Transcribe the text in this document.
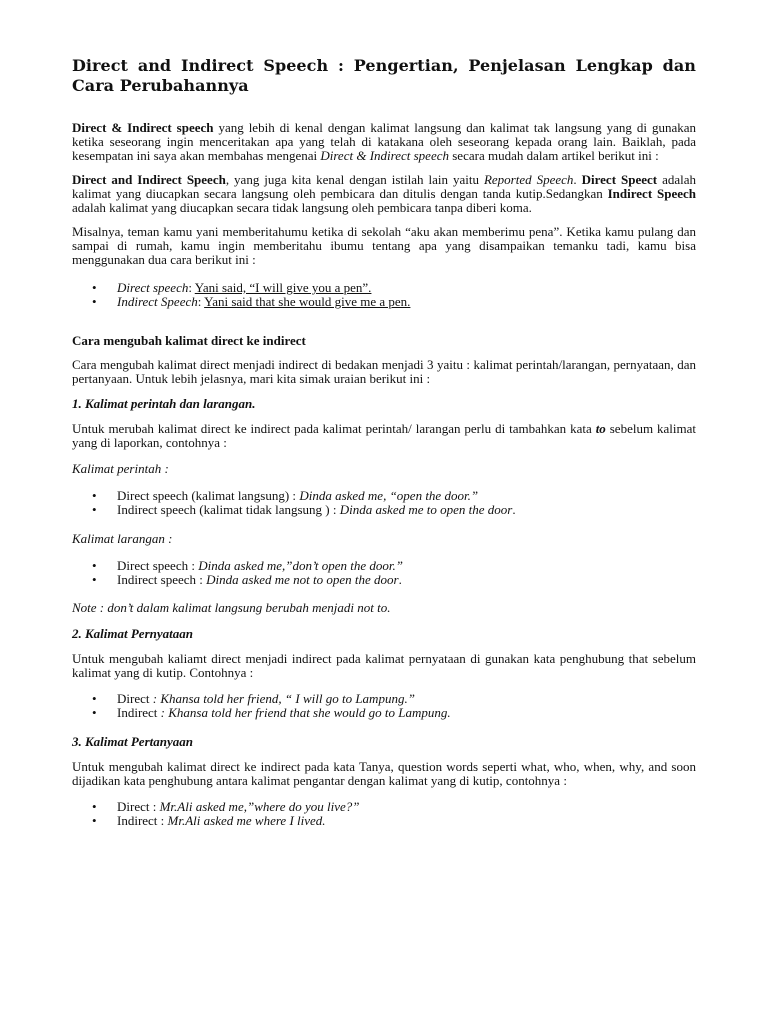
Direct and Indirect Speech : Pengertian, Penjelasan Lengkap dan Cara Perubahannya

Direct & Indirect speech yang lebih di kenal dengan kalimat langsung dan kalimat tak langsung yang di gunakan ketika seseorang ingin menceritakan apa yang telah di katakana oleh seseorang kepada orang lain. Baiklah, pada kesempatan ini saya akan membahas mengenai Direct & Indirect speech secara mudah dalam artikel berikut ini :

Direct and Indirect Speech, yang juga kita kenal dengan istilah lain yaitu Reported Speech. Direct Speect adalah kalimat yang diucapkan secara langsung oleh pembicara dan ditulis dengan tanda kutip.Sedangkan Indirect Speech adalah kalimat yang diucapkan secara tidak langsung oleh pembicara tanpa diberi koma.

Misalnya, teman kamu yani memberitahumu ketika di sekolah “aku akan memberimu pena”. Ketika kamu pulang dan sampai di rumah, kamu ingin memberitahu ibumu tentang apa yang disampaikan temanku tadi, kamu bisa menggunakan dua cara berikut ini :

• Direct speech: Yani said, “I will give you a pen”.
• Indirect Speech: Yani said that she would give me a pen.

Cara mengubah kalimat direct ke indirect

Cara mengubah kalimat direct menjadi indirect di bedakan menjadi 3 yaitu : kalimat perintah/larangan, pernyataan, dan pertanyaan. Untuk lebih jelasnya, mari kita simak uraian berikut ini :

1. Kalimat perintah dan larangan.

Untuk merubah kalimat direct ke indirect pada kalimat perintah/ larangan perlu di tambahkan kata to sebelum kalimat yang di laporkan, contohnya :

Kalimat perintah :

• Direct speech (kalimat langsung) : Dinda asked me, “open the door.”
• Indirect speech (kalimat tidak langsung ) : Dinda asked me to open the door.

Kalimat larangan :

• Direct speech : Dinda asked me,”don’t open the door.”
• Indirect speech : Dinda asked me not to open the door.

Note : don’t dalam kalimat langsung berubah menjadi not to.

2. Kalimat Pernyataan

Untuk mengubah kaliamt direct menjadi indirect pada kalimat pernyataan di gunakan kata penghubung that sebelum kalimat yang di kutip. Contohnya :

• Direct : Khansa told her friend, “ I will go to Lampung.”
• Indirect : Khansa told her friend that she would go to Lampung.

3. Kalimat Pertanyaan

Untuk mengubah kalimat direct ke indirect pada kata Tanya, question words seperti what, who, when, why, and soon dijadikan kata penghubung antara kalimat pengantar dengan kalimat yang di kutip, contohnya :

• Direct : Mr.Ali asked me,”where do you live?”
• Indirect : Mr.Ali asked me where I lived.
